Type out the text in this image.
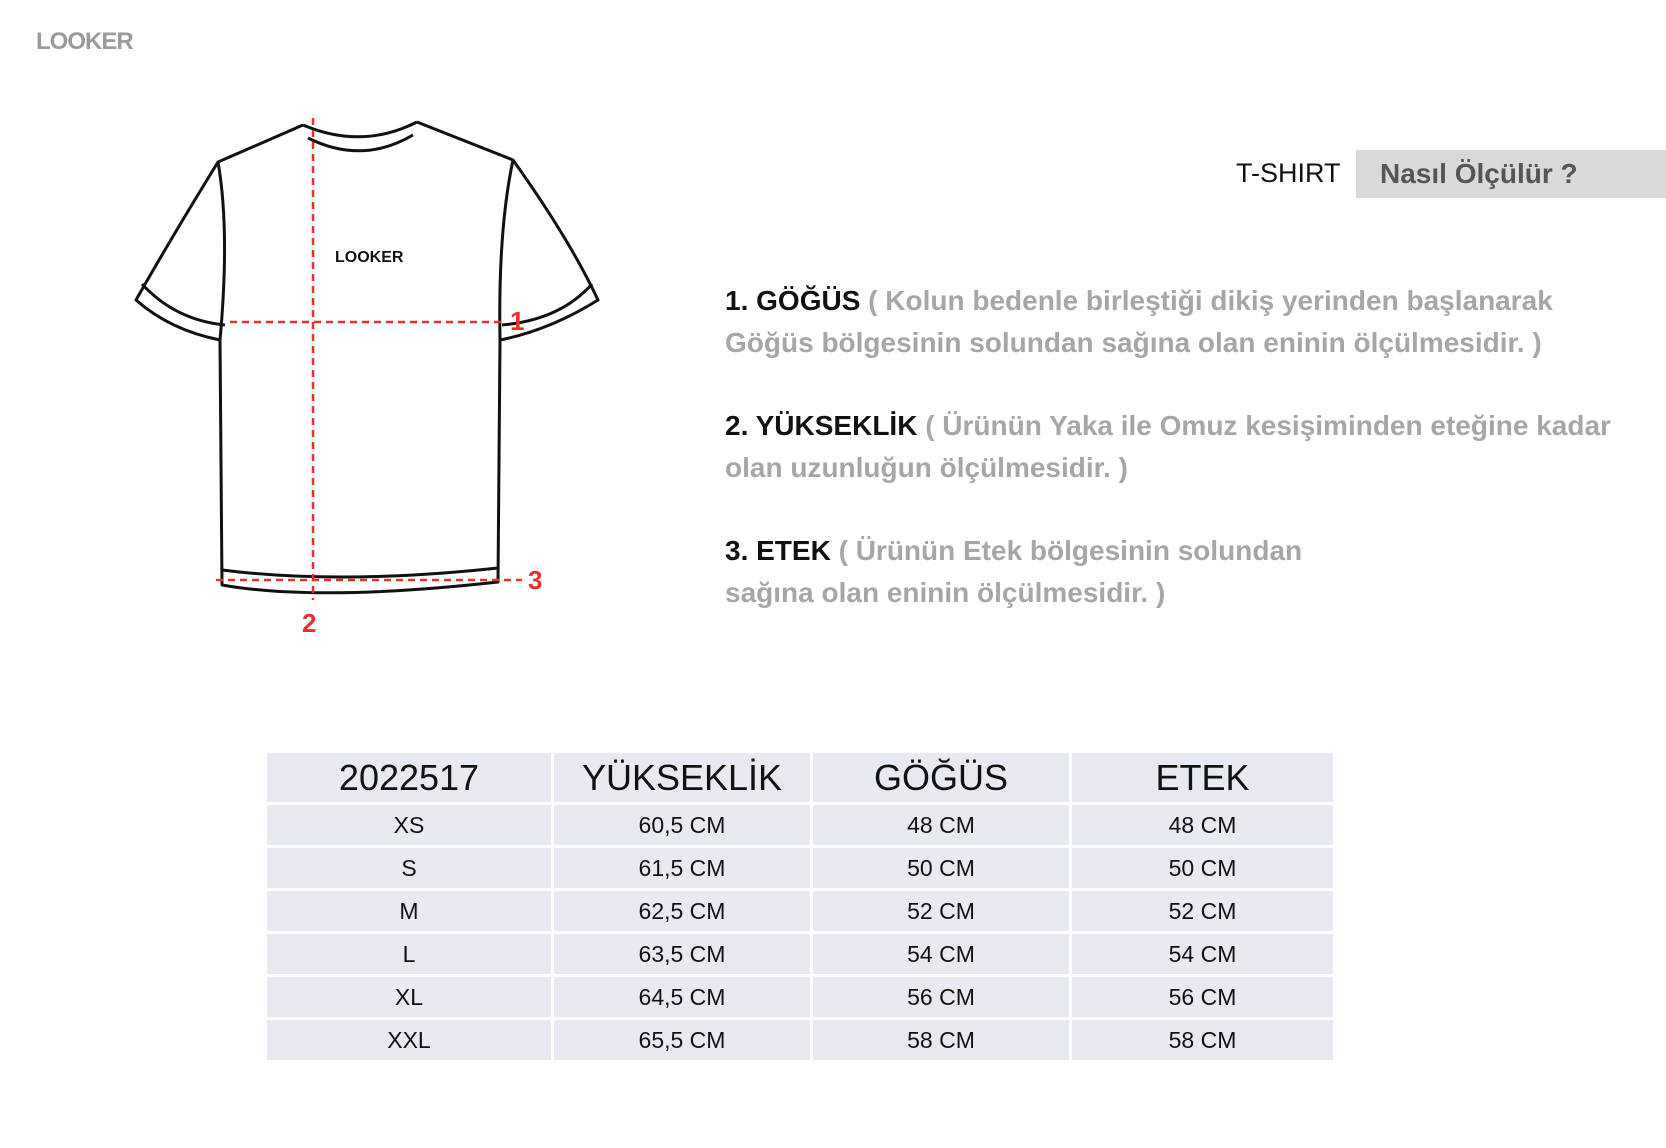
LOOKER
LOOKER
1
2
3
T-SHIRT Nasıl Ölçülür ?
1. GÖĞÜS ( Kolun bedenle birleştiği dikiş yerinden başlanarak Göğüs bölgesinin solundan sağına olan eninin ölçülmesidir. )
2. YÜKSEKLİK ( Ürünün Yaka ile Omuz kesişiminden eteğine kadar olan uzunluğun ölçülmesidir. )
3. ETEK ( Ürünün Etek bölgesinin solundan sağına olan eninin ölçülmesidir. )
2022517	YÜKSEKLİK	GÖĞÜS	ETEK
XS	60,5 CM	48 CM	48 CM
S	61,5 CM	50 CM	50 CM
M	62,5 CM	52 CM	52 CM
L	63,5 CM	54 CM	54 CM
XL	64,5 CM	56 CM	56 CM
XXL	65,5 CM	58 CM	58 CM
